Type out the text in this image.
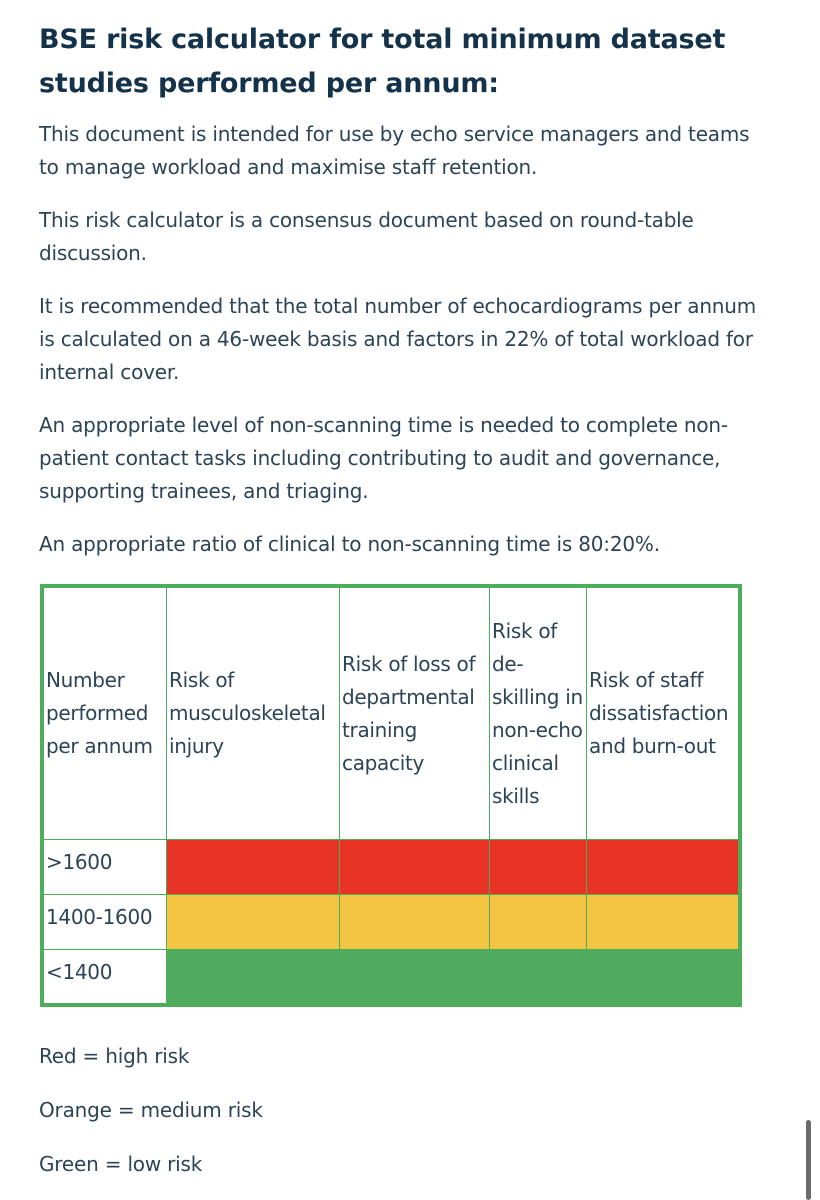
BSE risk calculator for total minimum dataset studies performed per annum:

This document is intended for use by echo service managers and teams to manage workload and maximise staff retention.

This risk calculator is a consensus document based on round-table discussion.

It is recommended that the total number of echocardiograms per annum is calculated on a 46-week basis and factors in 22% of total workload for internal cover.

An appropriate level of non-scanning time is needed to complete non-patient contact tasks including contributing to audit and governance, supporting trainees, and triaging.

An appropriate ratio of clinical to non-scanning time is 80:20%.

Number performed per annum	Risk of musculoskeletal injury	Risk of loss of departmental training capacity	Risk of de-skilling in non-echo clinical skills	Risk of staff dissatisfaction and burn-out
>1600				
1400-1600				
<1400				

Red = high risk

Orange = medium risk

Green = low risk
